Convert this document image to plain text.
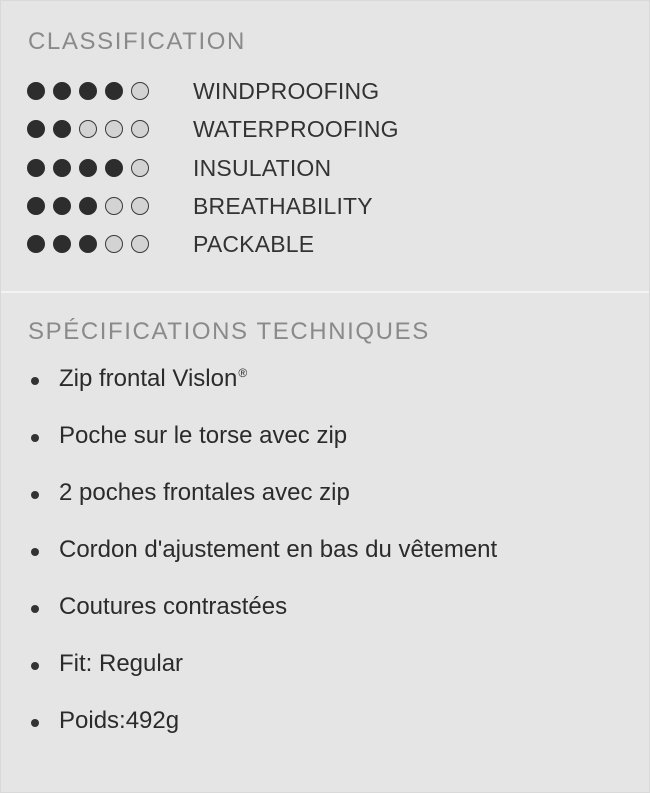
CLASSIFICATION
WINDPROOFING
WATERPROOFING
INSULATION
BREATHABILITY
PACKABLE
SPÉCIFICATIONS TECHNIQUES
Zip frontal Vislon®
Poche sur le torse avec zip
2 poches frontales avec zip
Cordon d'ajustement en bas du vêtement
Coutures contrastées
Fit: Regular
Poids:492g
